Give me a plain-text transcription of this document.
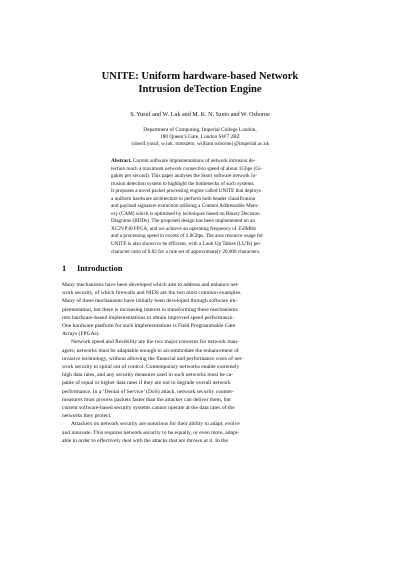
UNITE: Uniform hardware-based Network
Intrusion deTection Engine
S. Yusuf and W. Luk and M. K. N. Szeto and W. Osborne
Department of Computing, Imperial College London,
180 Queen’s Gate, London SW7 2BZ
{sherif.yusuf, w.luk, mmszeto, william.osborne}@imperial.ac.uk
Abstract. Current software implementations of network intrusion de-
tection reach a maximum network connection speed of about 1Gbps (Gi-
gabits per second). This paper analyses the Snort software network in-
trusion detection system to highlight the bottlenecks of such systems.
It proposes a novel packet processing engine called UNITE that deploys
a uniform hardware architecture to perform both header classification
and payload signature extraction utilising a Content Addressable Mem-
ory (CAM) which is optimised by techniques based on Binary Decision
Diagrams (BDDs). The proposed design has been implemented on an
XC2VP30 FPGA, and we achieve an operating frequency of 350MHz
and a processing speed in excess of 2.8Gbps. The area resource usage for
UNITE is also shown to be efficient, with a Look Up Tables (LUTs) per
character ratio of 0.82 for a rule set of approximately 20,000 characters.
1 Introduction
Many mechanisms have been developed which aim to address and enhance net-
work security, of which firewalls and NIDS are the two most common examples.
Many of these mechanisms have initially been developed through software im-
plementation, but there is increasing interest in transforming these mechanisms
into hardware-based implementations to obtain improved speed performance.
One hardware platform for such implementations is Field Programmable Gate
Arrays (FPGAs).
Network speed and flexibility are the two major concerns for network man-
agers; networks must be adaptable enough to accommodate the enhancement of
invasive technology, without allowing the financial and performance costs of net-
work security to spiral out of control. Contemporary networks enable extremely
high data rates, and any security measures used in such networks must be ca-
pable of equal or higher data rates if they are not to degrade overall network
performance. In a ‘Denial of Service’ (DoS) attack, network security counter-
measures must process packets faster than the attacker can deliver them, but
current software-based security systems cannot operate at the data rates of the
networks they protect.
Attackers on network security are notorious for their ability to adapt, evolve
and innovate. This requires network security to be equally, or even more, adapt-
able in order to effectively deal with the attacks that are thrown at it. In the
